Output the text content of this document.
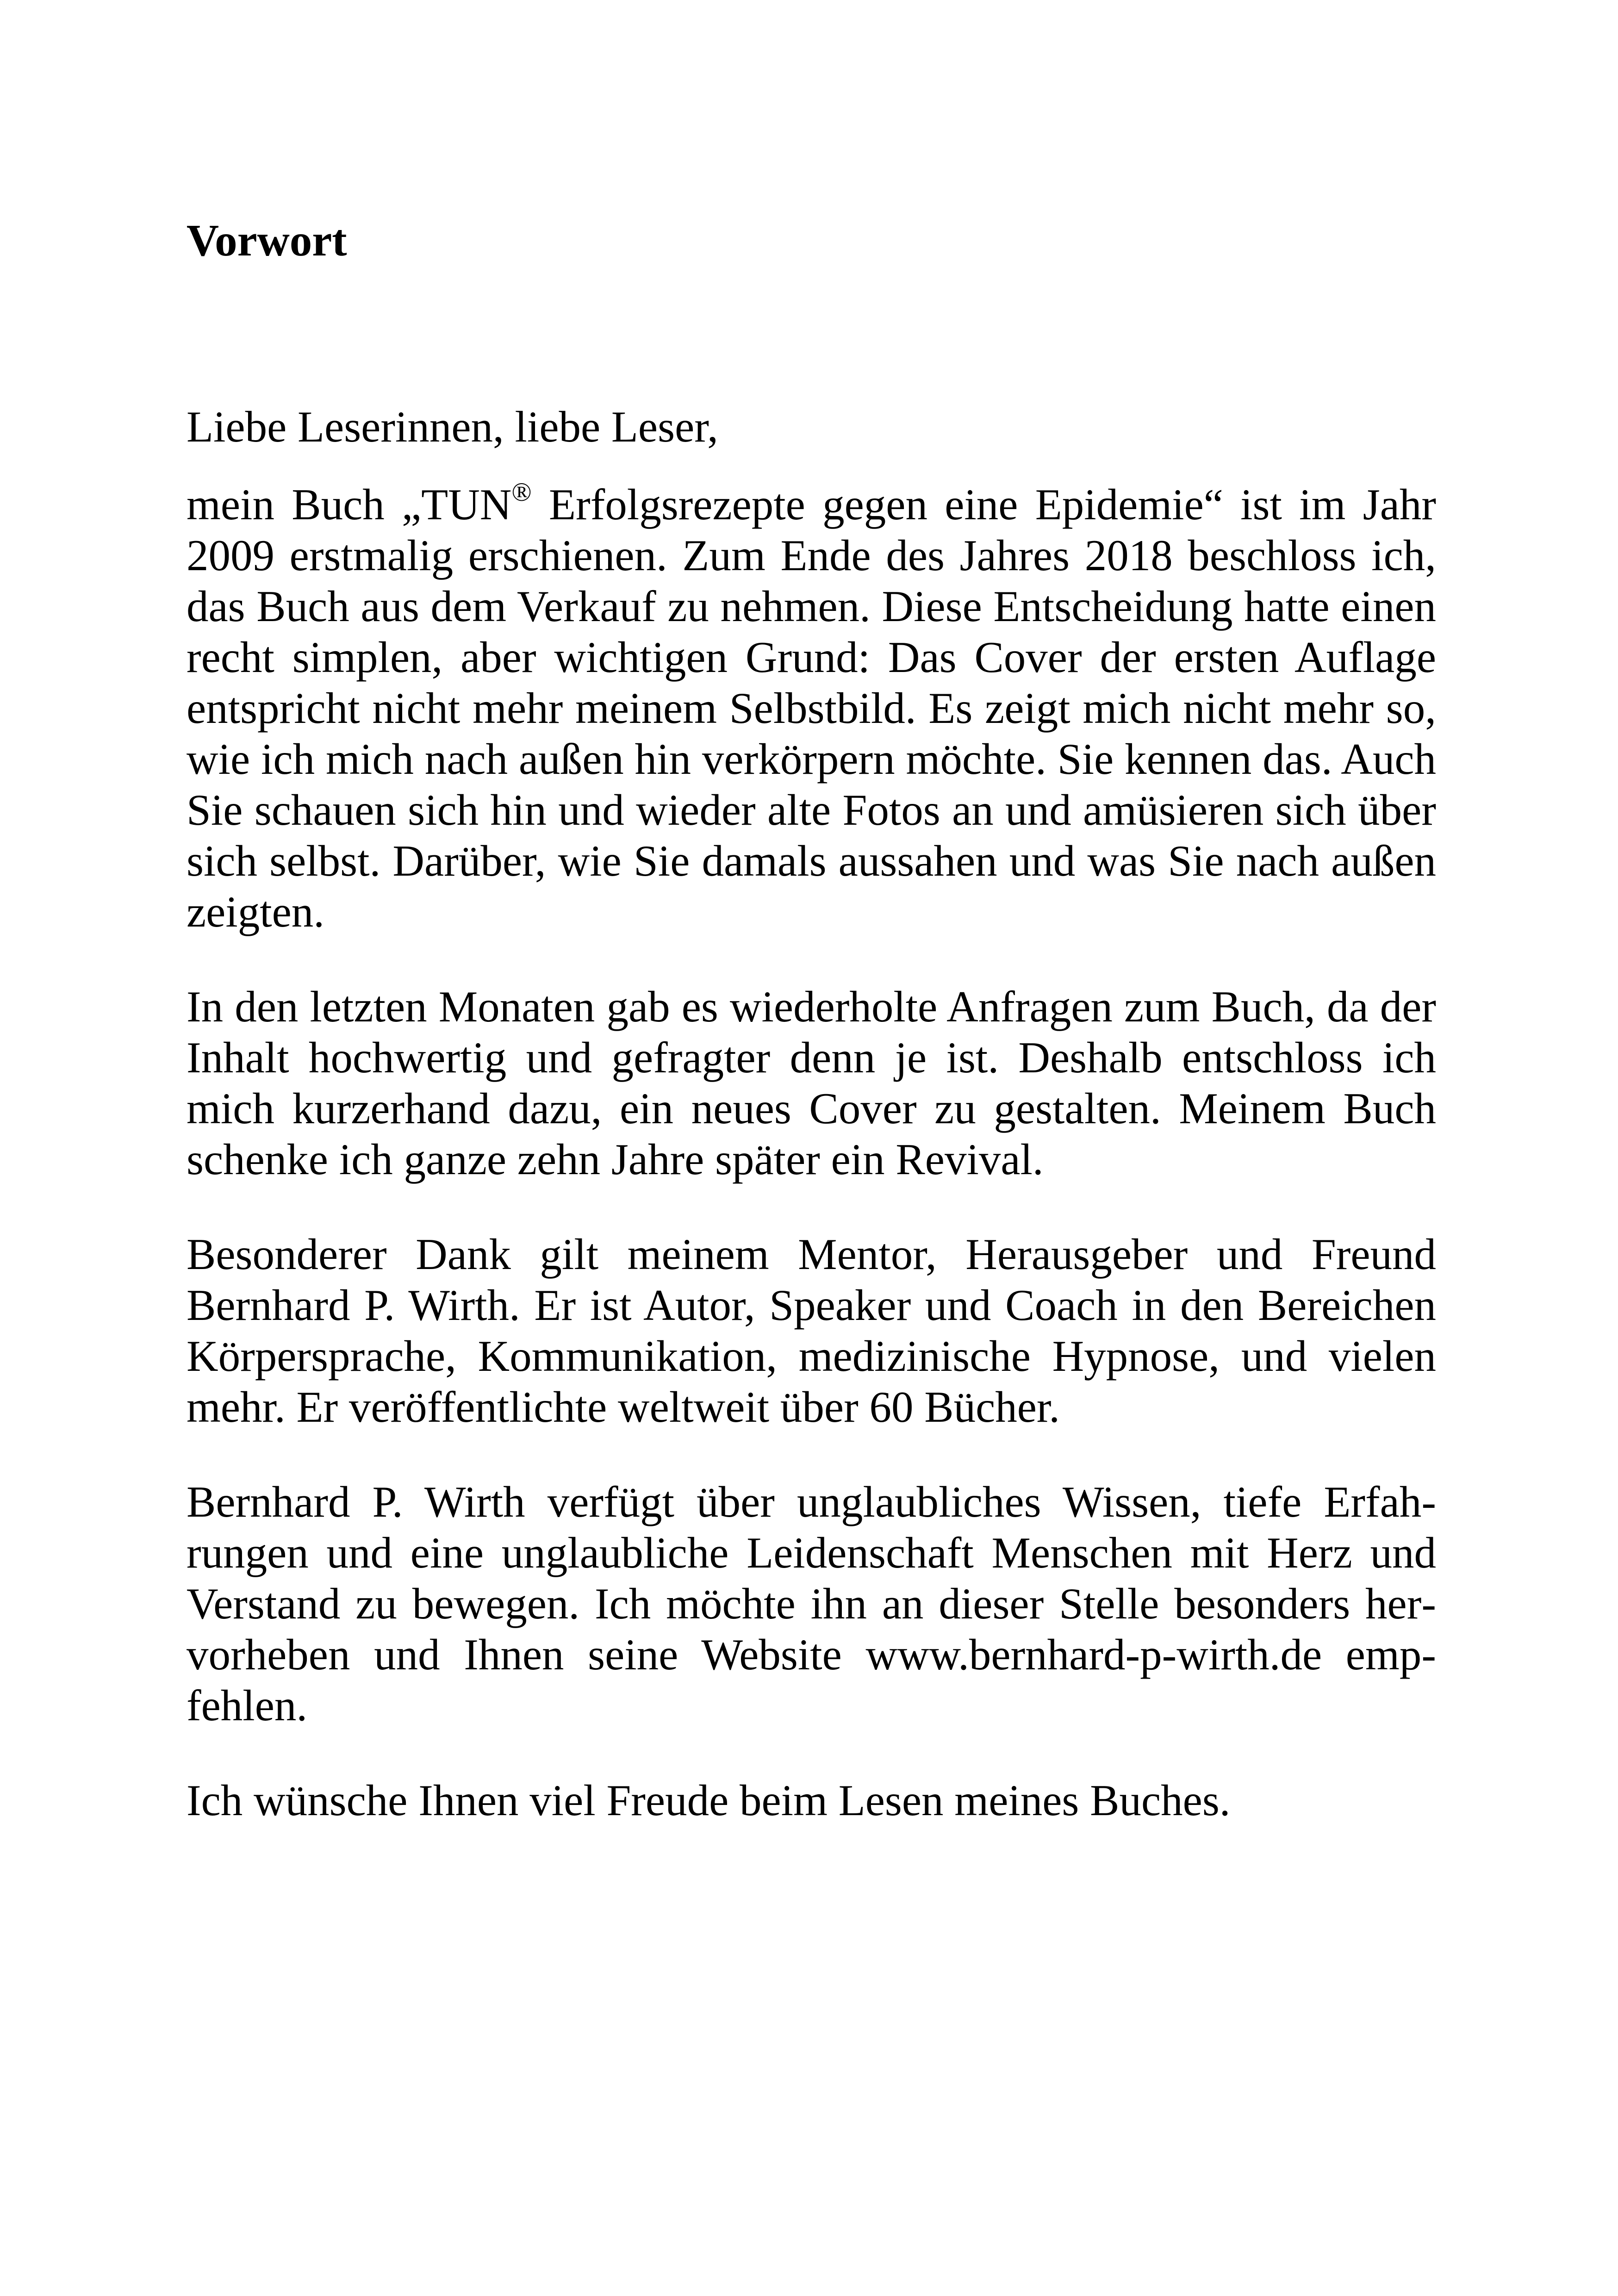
Vorwort
Liebe Leserinnen, liebe Leser,

mein Buch „TUN® Erfolgsrezepte gegen eine Epidemie“ ist im Jahr 2009 erstmalig erschienen. Zum Ende des Jahres 2018 beschloss ich, das Buch aus dem Verkauf zu nehmen. Diese Entscheidung hatte einen recht simplen, aber wichtigen Grund: Das Cover der ersten Auflage entspricht nicht mehr meinem Selbstbild. Es zeigt mich nicht mehr so, wie ich mich nach außen hin verkörpern möchte. Sie kennen das. Auch Sie schauen sich hin und wieder alte Fotos an und amüsieren sich über sich selbst. Darüber, wie Sie damals aussahen und was Sie nach außen zeigten.

In den letzten Monaten gab es wiederholte Anfragen zum Buch, da der Inhalt hochwertig und gefragter denn je ist. Deshalb entschloss ich mich kurzerhand dazu, ein neues Cover zu gestalten. Meinem Buch schenke ich ganze zehn Jahre später ein Revival.

Besonderer Dank gilt meinem Mentor, Herausgeber und Freund Bernhard P. Wirth. Er ist Autor, Speaker und Coach in den Bereichen Körpersprache, Kommunikation, medizinische Hypnose, und vielen mehr. Er veröffentlichte weltweit über 60 Bücher.

Bernhard P. Wirth verfügt über unglaubliches Wissen, tiefe Erfahrungen und eine unglaubliche Leidenschaft Menschen mit Herz und Verstand zu bewegen. Ich möchte ihn an dieser Stelle besonders hervorheben und Ihnen seine Website www.bernhard-p-wirth.de empfehlen.

Ich wünsche Ihnen viel Freude beim Lesen meines Buches.
